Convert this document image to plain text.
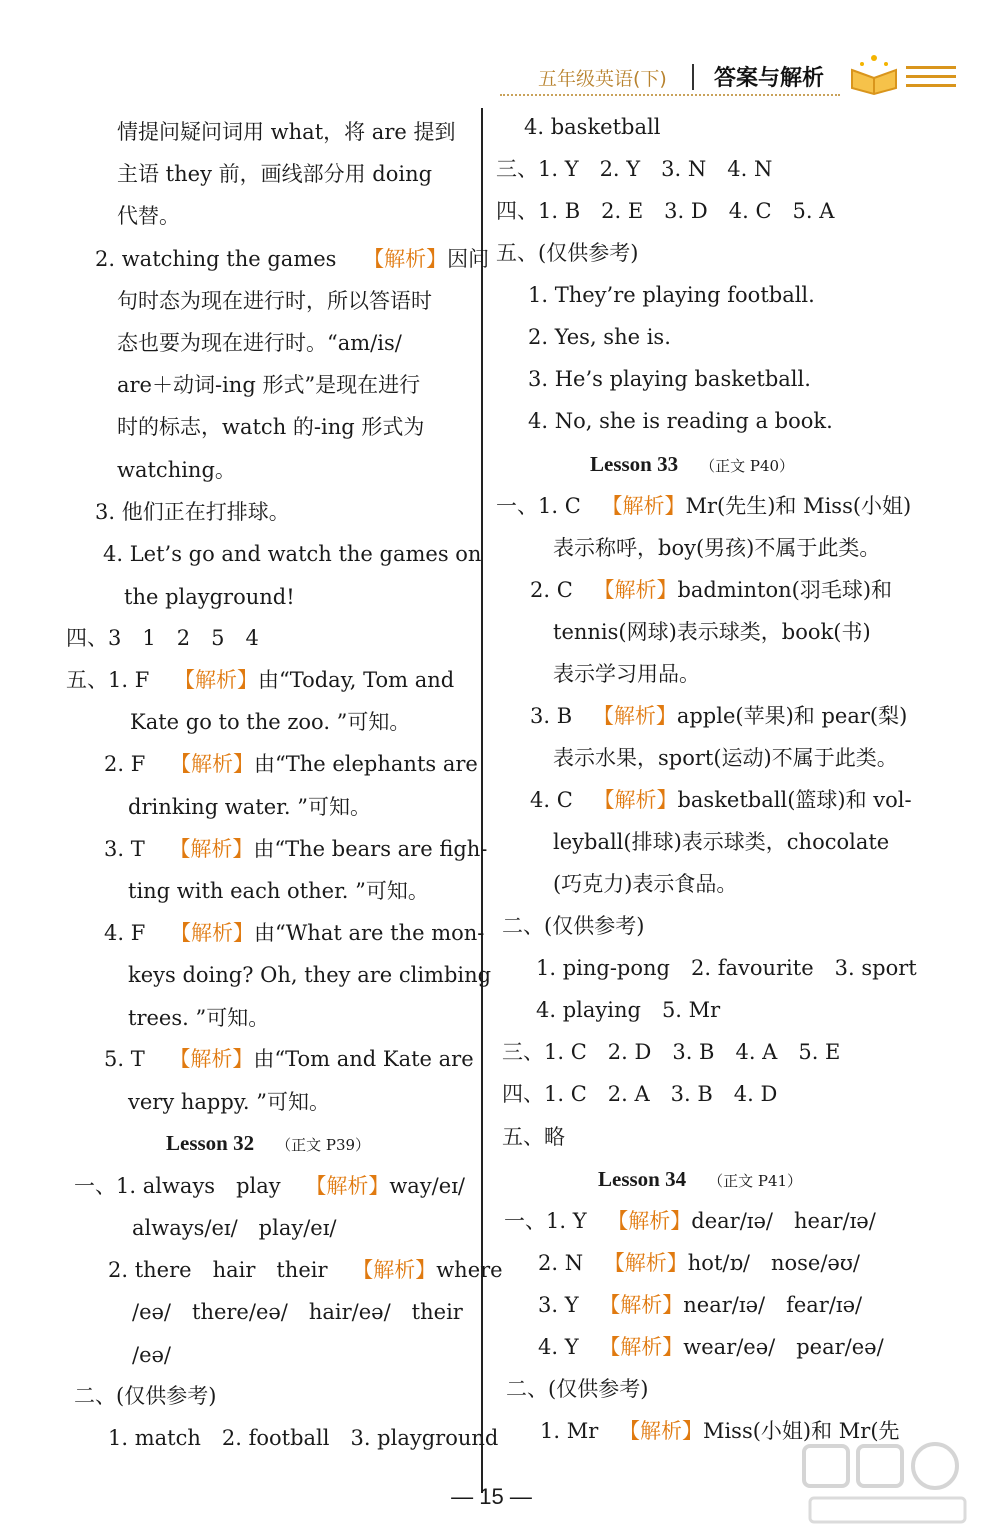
五年级英语(下) 答案与解析
情提问疑问词用 what，将 are 提到
主语 they 前，画线部分用 doing
代替。
2. watching the games 【解析】因问
句时态为现在进行时，所以答语时
态也要为现在进行时。“am/is/
are＋动词-ing 形式”是现在进行
时的标志，watch 的-ing 形式为
watching。
3. 他们正在打排球。
4. Let’s go and watch the games on
the playground!
四、3　1　2　5　4
五、1. F 【解析】由“Today, Tom and
Kate go to the zoo. ”可知。
2. F 【解析】由“The elephants are
drinking water. ”可知。
3. T 【解析】由“The bears are figh-
ting with each other. ”可知。
4. F 【解析】由“What are the mon-
keys doing? Oh, they are climbing
trees. ”可知。
5. T 【解析】由“Tom and Kate are
very happy. ”可知。
Lesson 32 （正文 P39）
一、1. always　play 【解析】way/eɪ/
always/eɪ/　play/eɪ/
2. there　hair　their 【解析】where
/eə/　there/eə/　hair/eə/　their
/eə/
二、(仅供参考)
1. match　2. football　3. playground
4. basketball
三、1. Y　2. Y　3. N　4. N
四、1. B　2. E　3. D　4. C　5. A
五、(仅供参考)
1. They’re playing football.
2. Yes, she is.
3. He’s playing basketball.
4. No, she is reading a book.
Lesson 33 （正文 P40）
一、1. C 【解析】Mr(先生)和 Miss(小姐)
表示称呼，boy(男孩)不属于此类。
2. C 【解析】badminton(羽毛球)和
tennis(网球)表示球类，book(书)
表示学习用品。
3. B 【解析】apple(苹果)和 pear(梨)
表示水果，sport(运动)不属于此类。
4. C 【解析】basketball(篮球)和 vol-
leyball(排球)表示球类，chocolate
(巧克力)表示食品。
二、(仅供参考)
1. ping-pong　2. favourite　3. sport
4. playing　5. Mr
三、1. C　2. D　3. B　4. A　5. E
四、1. C　2. A　3. B　4. D
五、略
Lesson 34 （正文 P41）
一、1. Y 【解析】dear/ɪə/　hear/ɪə/
2. N 【解析】hot/ɒ/　nose/əʊ/
3. Y 【解析】near/ɪə/　fear/ɪə/
4. Y 【解析】wear/eə/　pear/eə/
二、(仅供参考)
1. Mr 【解析】Miss(小姐)和 Mr(先
— 15 —
